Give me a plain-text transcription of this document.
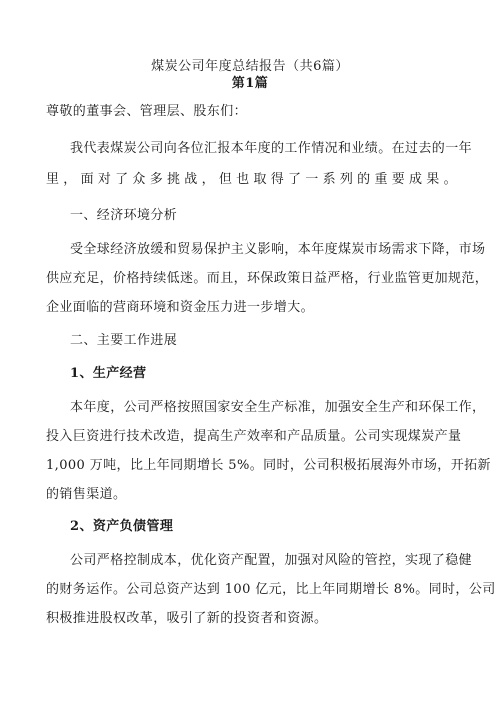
煤炭公司年度总结报告（共6篇）
第1篇
尊敬的董事会、管理层、股东们：
我代表煤炭公司向各位汇报本年度的工作情况和业绩。在过去的一年
里，面对了众多挑战，但也取得了一系列的重要成果。
一、经济环境分析
受全球经济放缓和贸易保护主义影响，本年度煤炭市场需求下降，市场
供应充足，价格持续低迷。而且，环保政策日益严格，行业监管更加规范，
企业面临的营商环境和资金压力进一步增大。
二、主要工作进展
1、生产经营
本年度，公司严格按照国家安全生产标准，加强安全生产和环保工作，
投入巨资进行技术改造，提高生产效率和产品质量。公司实现煤炭产量
1,000 万吨，比上年同期增长 5%。同时，公司积极拓展海外市场，开拓新
的销售渠道。
2、资产负债管理
公司严格控制成本，优化资产配置，加强对风险的管控，实现了稳健
的财务运作。公司总资产达到 100 亿元，比上年同期增长 8%。同时，公司
积极推进股权改革，吸引了新的投资者和资源。
